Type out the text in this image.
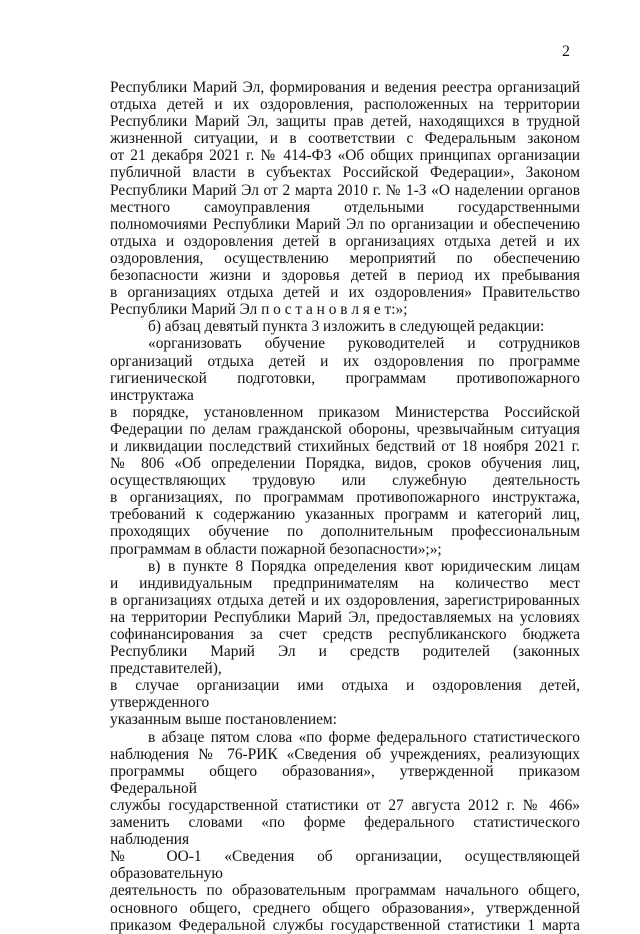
2

Республики Марий Эл, формирования и ведения реестра организаций
отдыха детей и их оздоровления, расположенных на территории
Республики Марий Эл, защиты прав детей, находящихся в трудной
жизненной ситуации, и в соответствии с Федеральным законом
от 21 декабря 2021 г. № 414-ФЗ «Об общих принципах организации
публичной власти в субъектах Российской Федерации», Законом
Республики Марий Эл от 2 марта 2010 г. № 1-З «О наделении органов
местного самоуправления отдельными государственными
полномочиями Республики Марий Эл по организации и обеспечению
отдыха и оздоровления детей в организациях отдыха детей и их
оздоровления, осуществлению мероприятий по обеспечению
безопасности жизни и здоровья детей в период их пребывания
в организациях отдыха детей и их оздоровления» Правительство
Республики Марий Эл п о с т а н о в л я е т:»;

б) абзац девятый пункта 3 изложить в следующей редакции:

«организовать обучение руководителей и сотрудников

организаций отдыха детей и их оздоровления по программе
гигиенической подготовки, программам противопожарного инструктажа
в порядке, установленном приказом Министерства Российской
Федерации по делам гражданской обороны, чрезвычайным ситуация
и ликвидации последствий стихийных бедствий от 18 ноября 2021 г.
№ 806 «Об определении Порядка, видов, сроков обучения лиц,
осуществляющих трудовую или служебную деятельность
в организациях, по программам противопожарного инструктажа,
требований к содержанию указанных программ и категорий лиц,
проходящих обучение по дополнительным профессиональным
программам в области пожарной безопасности»;»;

в) в пункте 8 Порядка определения квот юридическим лицам

и индивидуальным предпринимателям на количество мест
в организациях отдыха детей и их оздоровления, зарегистрированных
на территории Республики Марий Эл, предоставляемых на условиях
софинансирования за счет средств республиканского бюджета
Республики Марий Эл и средств родителей (законных представителей),
в случае организации ими отдыха и оздоровления детей, утвержденного
указанным выше постановлением:

в абзаце пятом слова «по форме федерального статистического

наблюдения № 76-РИК «Сведения об учреждениях, реализующих
программы общего образования», утвержденной приказом Федеральной
службы государственной статистики от 27 августа 2012 г. № 466»
заменить словами «по форме федерального статистического наблюдения
№ ОО-1 «Сведения об организации, осуществляющей образовательную
деятельность по образовательным программам начального общего,
основного общего, среднего общего образования», утвержденной
приказом Федеральной службы государственной статистики 1 марта
